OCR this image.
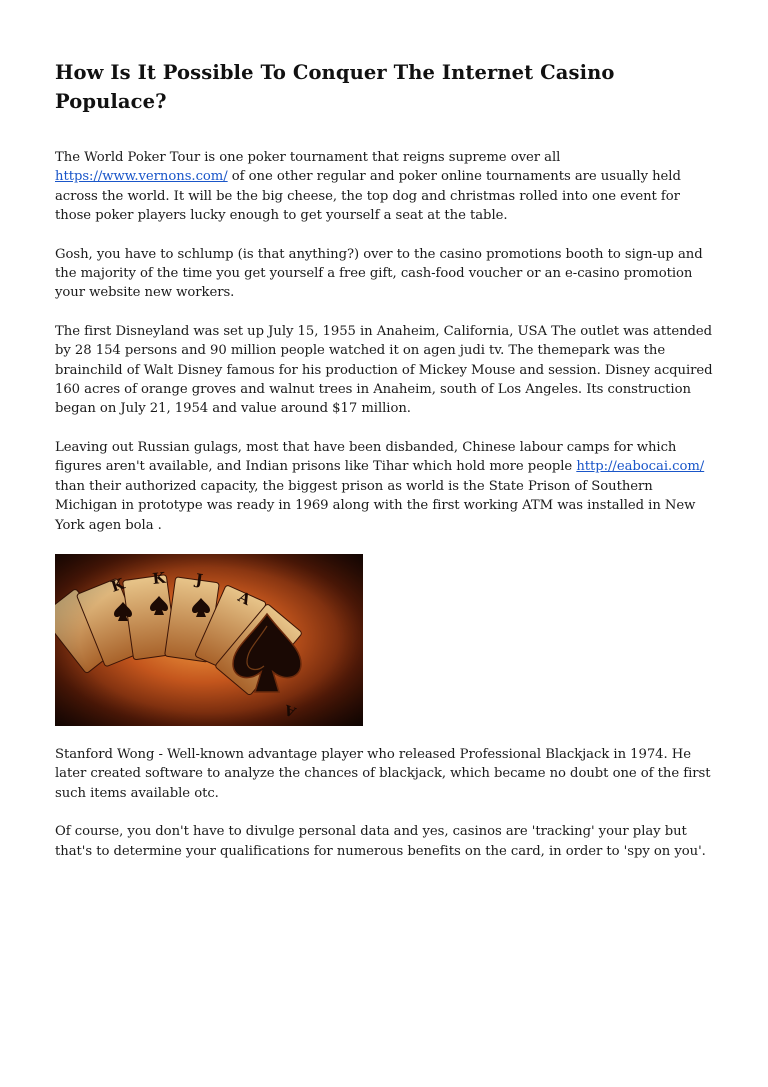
How Is It Possible To Conquer The Internet Casino Populace?

The World Poker Tour is one poker tournament that reigns supreme over all https://www.vernons.com/ of one other regular and poker online tournaments are usually held across the world. It will be the big cheese, the top dog and christmas rolled into one event for those poker players lucky enough to get yourself a seat at the table.

Gosh, you have to schlump (is that anything?) over to the casino promotions booth to sign-up and the majority of the time you get yourself a free gift, cash-food voucher or an e-casino promotion your website new workers.

The first Disneyland was set up July 15, 1955 in Anaheim, California, USA The outlet was attended by 28 154 persons and 90 million people watched it on agen judi tv. The themepark was the brainchild of Walt Disney famous for his production of Mickey Mouse and session. Disney acquired 160 acres of orange groves and walnut trees in Anaheim, south of Los Angeles. Its construction began on July 21, 1954 and value around $17 million.

Leaving out Russian gulags, most that have been disbanded, Chinese labour camps for which figures aren't available, and Indian prisons like Tihar which hold more people http://eabocai.com/ than their authorized capacity, the biggest prison as world is the State Prison of Southern Michigan in prototype was ready in 1969 along with the first working ATM was installed in New York agen bola .

Stanford Wong - Well-known advantage player who released Professional Blackjack in 1974. He later created software to analyze the chances of blackjack, which became no doubt one of the first such items available otc.

Of course, you don't have to divulge personal data and yes, casinos are 'tracking' your play but that's to determine your qualifications for numerous benefits on the card, in order to 'spy on you'.
